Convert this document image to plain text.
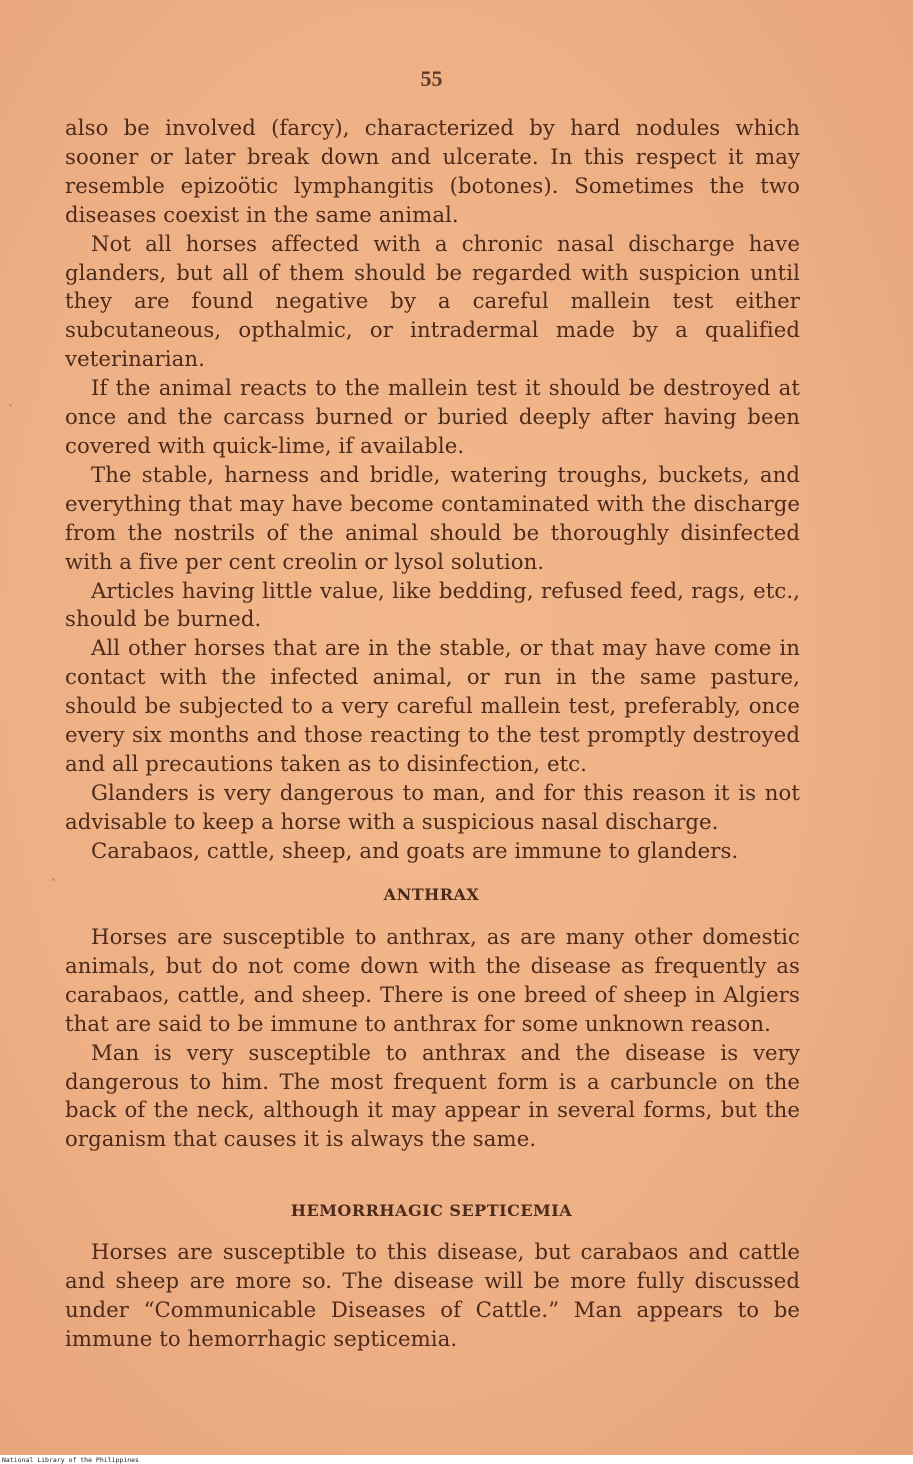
55

also be involved (farcy), characterized by hard nodules which sooner or later break down and ulcerate. In this respect it may resemble epizoötic lymphangitis (botones). Sometimes the two diseases coexist in the same animal.

Not all horses affected with a chronic nasal discharge have glanders, but all of them should be regarded with suspicion until they are found negative by a careful mallein test either subcutaneous, opthalmic, or intradermal made by a qualified veterinarian.

If the animal reacts to the mallein test it should be destroyed at once and the carcass burned or buried deeply after having been covered with quick-lime, if available.

The stable, harness and bridle, watering troughs, buckets, and everything that may have become contaminated with the discharge from the nostrils of the animal should be thoroughly disinfected with a five per cent creolin or lysol solution.

Articles having little value, like bedding, refused feed, rags, etc., should be burned.

All other horses that are in the stable, or that may have come in contact with the infected animal, or run in the same pasture, should be subjected to a very careful mallein test, preferably, once every six months and those reacting to the test promptly destroyed and all precautions taken as to disinfection, etc.

Glanders is very dangerous to man, and for this reason it is not advisable to keep a horse with a suspicious nasal discharge.

Carabaos, cattle, sheep, and goats are immune to glanders.

ANTHRAX

Horses are susceptible to anthrax, as are many other domestic animals, but do not come down with the disease as frequently as carabaos, cattle, and sheep. There is one breed of sheep in Algiers that are said to be immune to anthrax for some unknown reason.

Man is very susceptible to anthrax and the disease is very dangerous to him. The most frequent form is a carbuncle on the back of the neck, although it may appear in several forms, but the organism that causes it is always the same.

HEMORRHAGIC SEPTICEMIA

Horses are susceptible to this disease, but carabaos and cattle and sheep are more so. The disease will be more fully discussed under “Communicable Diseases of Cattle.” Man appears to be immune to hemorrhagic septicemia.

National Library of the Philippines
